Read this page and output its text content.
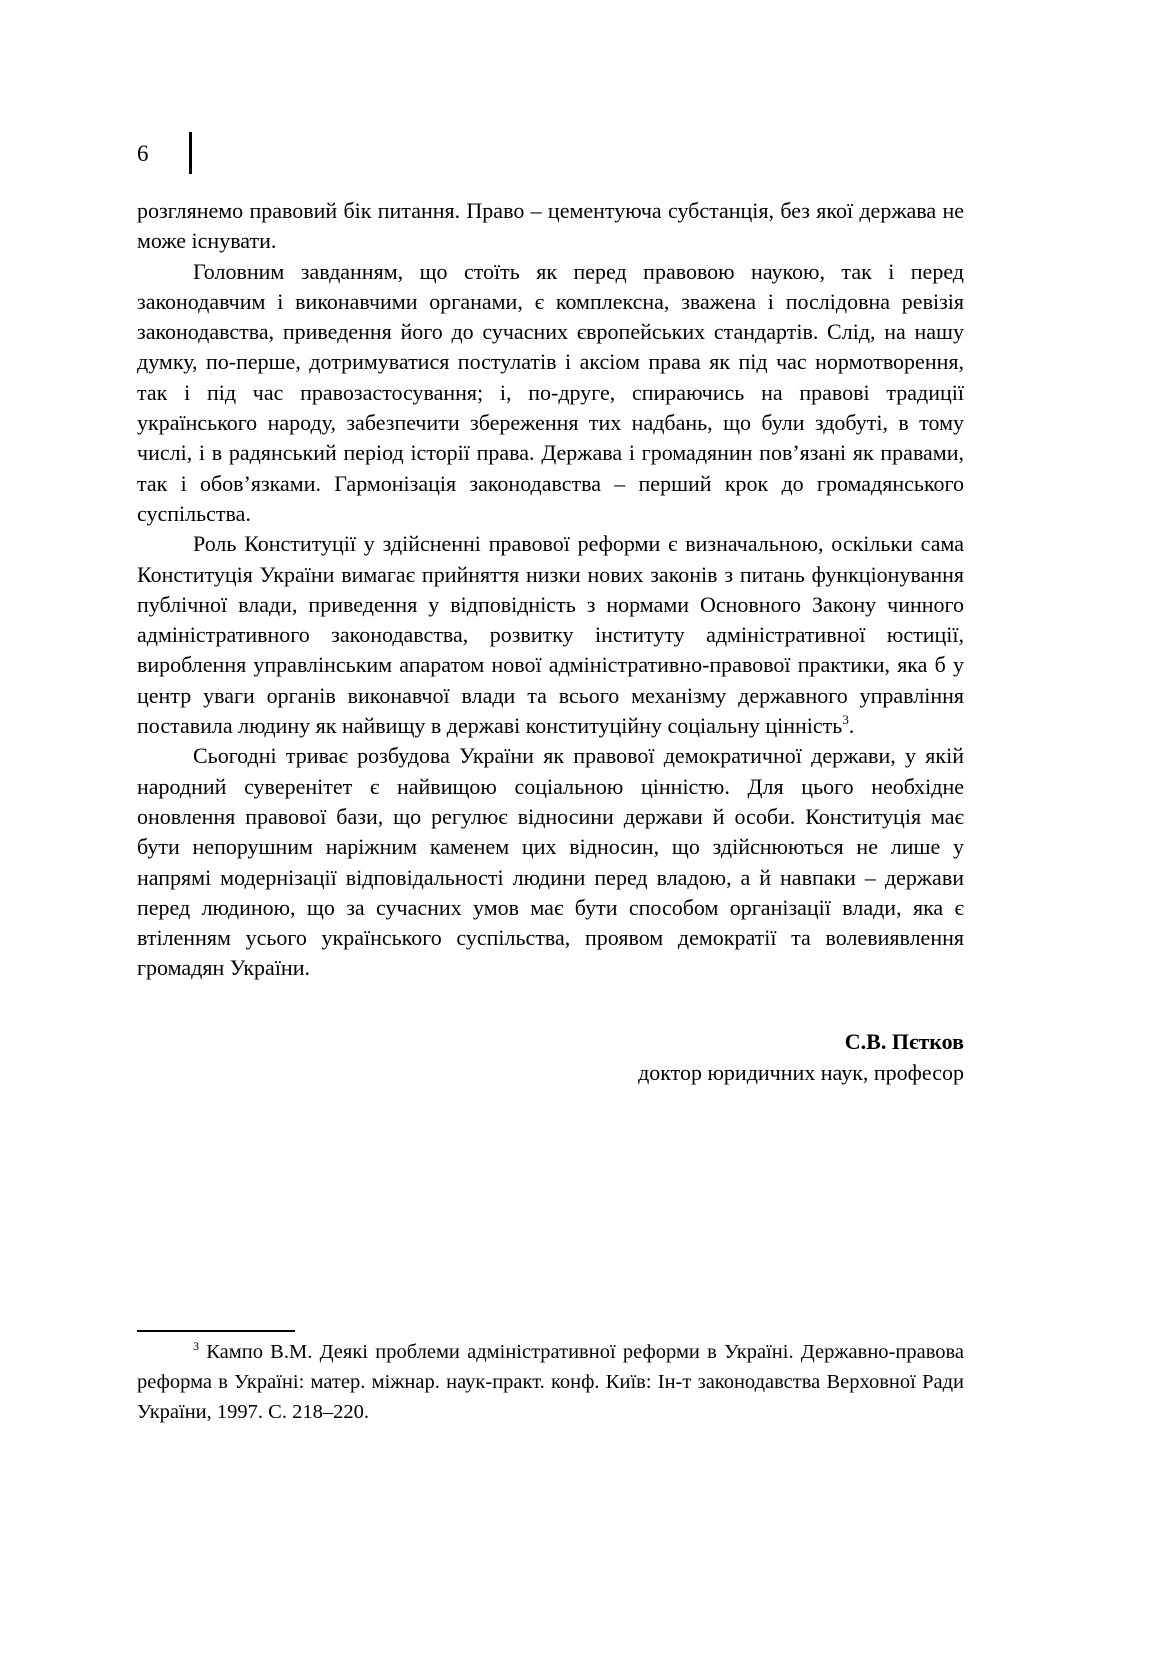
6

розглянемо правовий бік питання. Право – цементуюча субстанція, без якої держава не може існувати.

Головним завданням, що стоїть як перед правовою наукою, так і перед законодавчим і виконавчими органами, є комплексна, зважена і послідовна ревізія законодавства, приведення його до сучасних європейських стандартів. Слід, на нашу думку, по-перше, дотримуватися постулатів і аксіом права як під час нормотворення, так і під час правозастосування; і, по-друге, спираючись на правові традиції українського народу, забезпечити збереження тих надбань, що були здобуті, в тому числі, і в радянський період історії права. Держава і громадянин пов’язані як правами, так і обов’язками. Гармонізація законодавства – перший крок до громадянського суспільства.

Роль Конституції у здійсненні правової реформи є визначальною, оскільки сама Конституція України вимагає прийняття низки нових законів з питань функціонування публічної влади, приведення у відповідність з нормами Основного Закону чинного адміністративного законодавства, розвитку інституту адміністративної юстиції, вироблення управлінським апаратом нової адміністративно-правової практики, яка б у центр уваги органів виконавчої влади та всього механізму державного управління поставила людину як найвищу в державі конституційну соціальну цінність$^3$.

Сьогодні триває розбудова України як правової демократичної держави, у якій народний суверенітет є найвищою соціальною цінністю. Для цього необхідне оновлення правової бази, що регулює відносини держави й особи. Конституція має бути непорушним наріжним каменем цих відносин, що здійснюються не лише у напрямі модернізації відповідальності людини перед владою, а й навпаки – держави перед людиною, що за сучасних умов має бути способом організації влади, яка є втіленням усього українського суспільства, проявом демократії та волевиявлення громадян України.

С.В. Пєтков
доктор юридичних наук, професор

$^3$ Кампо В.М. Деякі проблеми адміністративної реформи в Україні. Державно-правова реформа в Україні: матер. міжнар. наук-практ. конф. Київ: Ін-т законодавства Верховної Ради України, 1997. С. 218–220.
